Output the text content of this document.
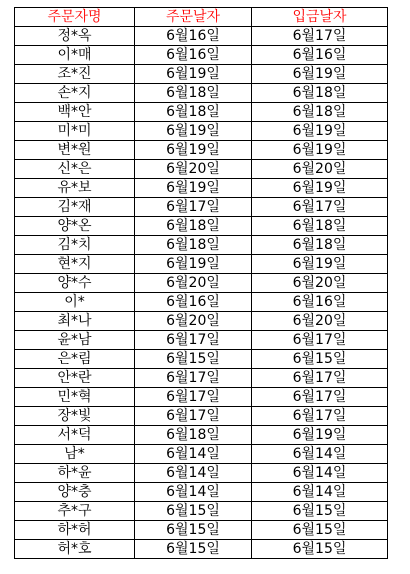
주문자명	주문날자	입금날자
정*옥	6월16일	6월17일
이*매	6월16일	6월16일
조*진	6월19일	6월19일
손*지	6월18일	6월18일
백*안	6월18일	6월18일
미*미	6월19일	6월19일
변*원	6월19일	6월19일
신*은	6월20일	6월20일
유*보	6월19일	6월19일
김*재	6월17일	6월17일
양*온	6월18일	6월18일
김*치	6월18일	6월18일
현*지	6월19일	6월19일
양*수	6월20일	6월20일
이*	6월16일	6월16일
최*나	6월20일	6월20일
윤*남	6월17일	6월17일
은*림	6월15일	6월15일
안*란	6월17일	6월17일
민*혁	6월17일	6월17일
장*빛	6월17일	6월17일
서*덕	6월18일	6월19일
남*	6월14일	6월14일
하*윤	6월14일	6월14일
양*충	6월14일	6월14일
추*구	6월15일	6월15일
하*허	6월15일	6월15일
허*호	6월15일	6월15일
